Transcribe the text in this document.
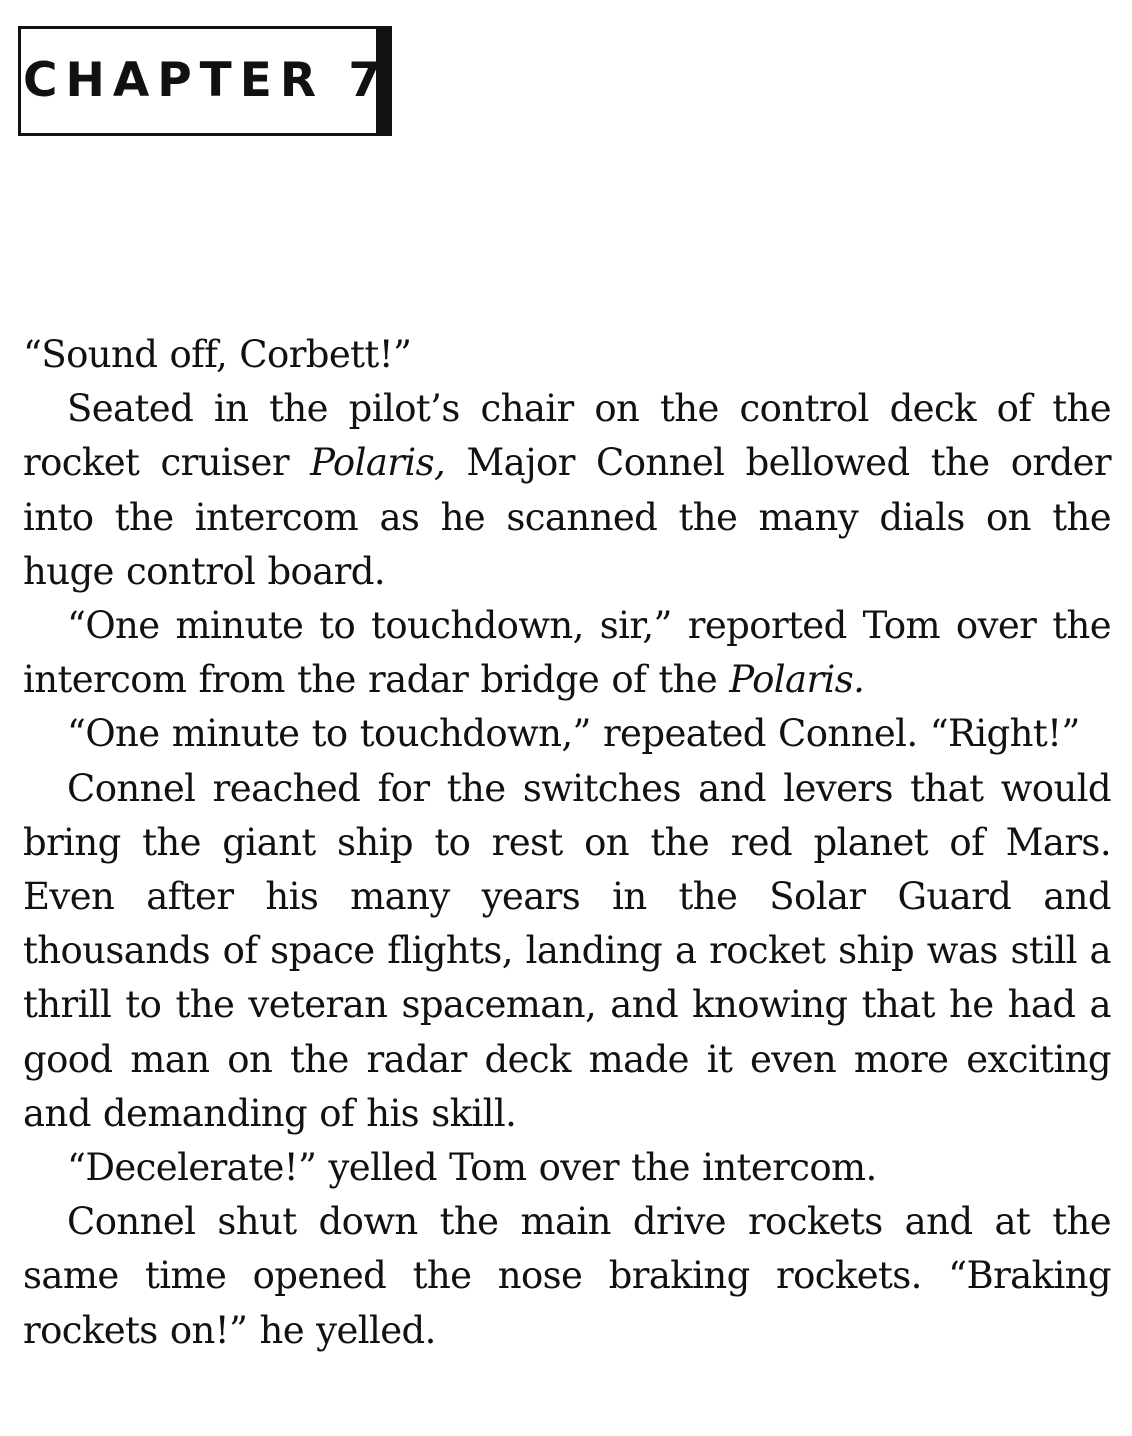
CHAPTER 7

“Sound off, Corbett!”

Seated in the pilot’s chair on the control deck of the rocket cruiser Polaris, Major Connel bellowed the order into the intercom as he scanned the many dials on the huge control board.

“One minute to touchdown, sir,” reported Tom over the intercom from the radar bridge of the Polaris.

“One minute to touchdown,” repeated Connel. “Right!”

Connel reached for the switches and levers that would bring the giant ship to rest on the red planet of Mars. Even after his many years in the Solar Guard and thousands of space flights, landing a rocket ship was still a thrill to the veteran spaceman, and knowing that he had a good man on the radar deck made it even more exciting and demanding of his skill.

“Decelerate!” yelled Tom over the intercom.

Connel shut down the main drive rockets and at the same time opened the nose braking rockets. “Braking rockets on!” he yelled.
